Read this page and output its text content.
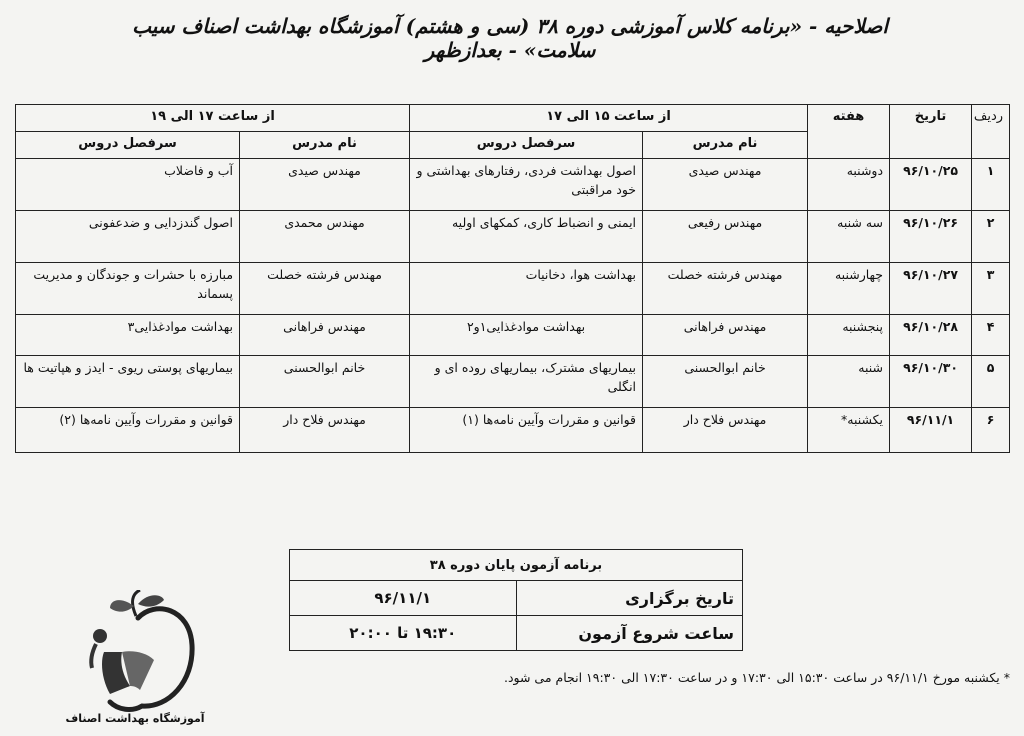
اصلاحیه - «برنامه کلاس آموزشی دوره ۳۸ (سی و هشتم) آموزشگاه بهداشت اصناف سیب سلامت» - بعدازظهر
ردیف	تاریخ	هفته	از ساعت ۱۵ الی ۱۷		از ساعت ۱۷ الی ۱۹	
			نام مدرس	سرفصل دروس	نام مدرس	سرفصل دروس
۱	۹۶/۱۰/۲۵	دوشنبه	مهندس صیدی	اصول بهداشت فردی، رفتارهای بهداشتی و خود مراقبتی	مهندس صیدی	آب و فاضلاب
۲	۹۶/۱۰/۲۶	سه شنبه	مهندس رفیعی	ایمنی و انضباط کاری، کمکهای اولیه	مهندس محمدی	اصول گندزدایی و ضدعفونی
۳	۹۶/۱۰/۲۷	چهارشنبه	مهندس فرشته خصلت	بهداشت هوا، دخانیات	مهندس فرشته خصلت	مبارزه با حشرات و جوندگان و مدیریت پسماند
۴	۹۶/۱۰/۲۸	پنجشنبه	مهندس فراهانی	بهداشت موادغذایی۱و۲	مهندس فراهانی	بهداشت موادغذایی۳
۵	۹۶/۱۰/۳۰	شنبه	خانم ابوالحسنی	بیماریهای مشترک، بیماریهای روده ای و انگلی	خانم ابوالحسنی	بیماریهای پوستی ریوی - ایدز و هپاتیت ها
۶	۹۶/۱۱/۱	یکشنبه*	مهندس فلاح دار	قوانین و مقررات وآیین نامه‌ها (۱)	مهندس فلاح دار	قوانین و مقررات وآیین نامه‌ها (۲)
برنامه آزمون پایان دوره ۳۸	
تاریخ برگزاری	۹۶/۱۱/۱
ساعت شروع آزمون	۱۹:۳۰ تا ۲۰:۰۰
* یکشنبه مورخ ۹۶/۱۱/۱ در ساعت ۱۵:۳۰ الی ۱۷:۳۰ و در ساعت ۱۷:۳۰ الی ۱۹:۳۰ انجام می شود.
آموزشگاه بهداشت اصناف
